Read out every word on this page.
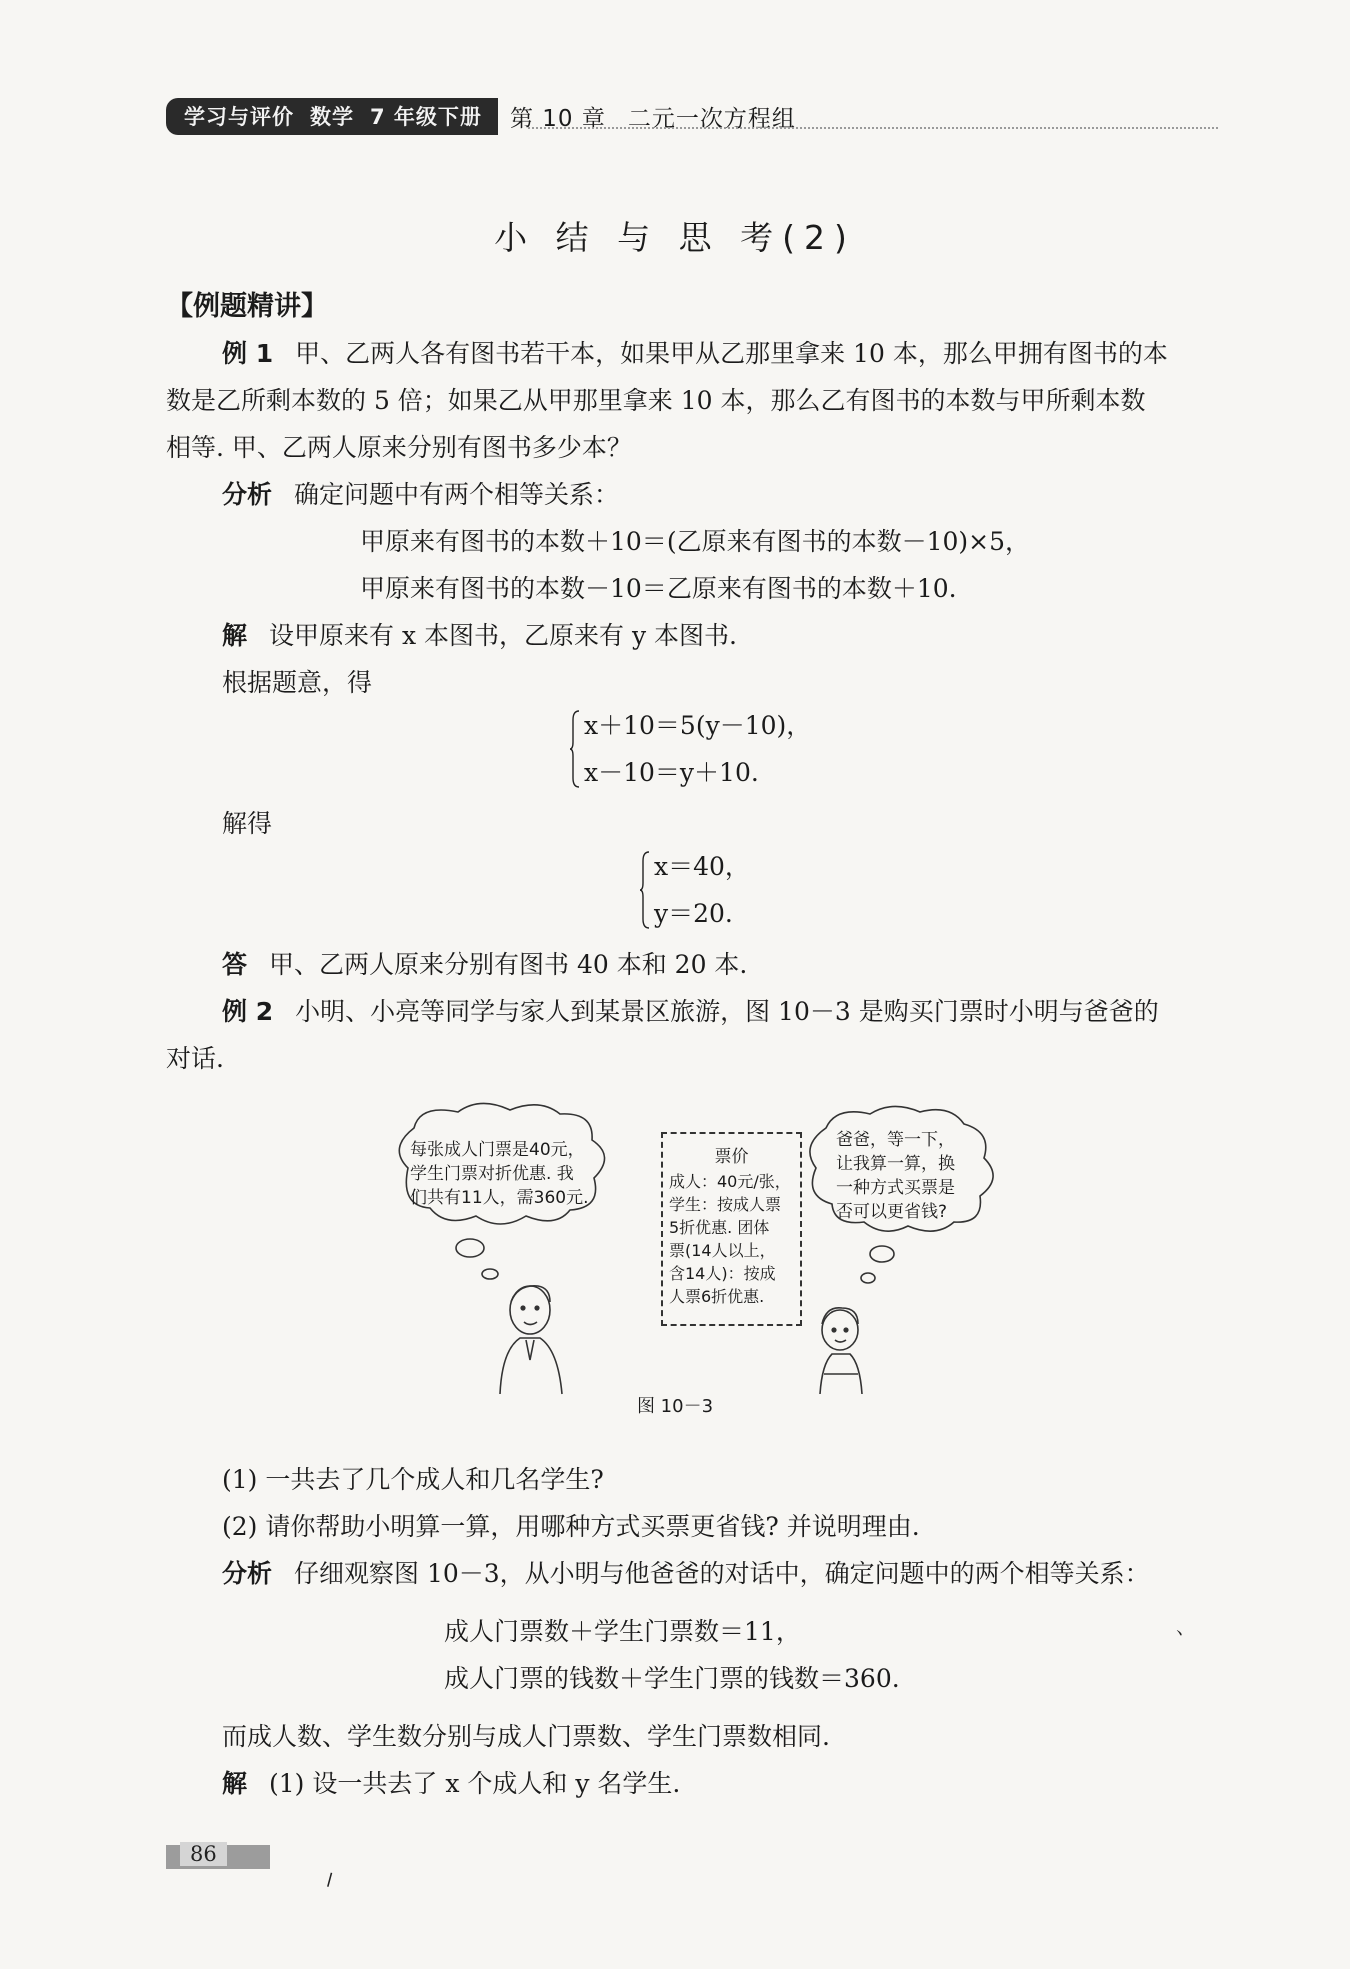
学习与评价 数学 7 年级下册	第 10 章 二元一次方程组
小 结 与 思 考(2)
【例题精讲】
例 1 甲、乙两人各有图书若干本，如果甲从乙那里拿来 10 本，那么甲拥有图书的本
数是乙所剩本数的 5 倍；如果乙从甲那里拿来 10 本，那么乙有图书的本数与甲所剩本数
相等. 甲、乙两人原来分别有图书多少本？
分析 确定问题中有两个相等关系：
甲原来有图书的本数＋10＝(乙原来有图书的本数－10)×5，
甲原来有图书的本数－10＝乙原来有图书的本数＋10.
解 设甲原来有 x 本图书，乙原来有 y 本图书.
根据题意，得
x＋10＝5(y－10)，
x－10＝y＋10.
解得
x＝40，
y＝20.
答 甲、乙两人原来分别有图书 40 本和 20 本.
例 2 小明、小亮等同学与家人到某景区旅游，图 10－3 是购买门票时小明与爸爸的
对话.
每张成人门票是40元，
学生门票对折优惠. 我
们共有11人，需360元.
票价
成人：40元/张，
学生：按成人票
5折优惠. 团体
票(14人以上，
含14人)：按成
人票6折优惠.
爸爸，等一下，
让我算一算，换
一种方式买票是
否可以更省钱?
图 10－3
(1) 一共去了几个成人和几名学生?
(2) 请你帮助小明算一算，用哪种方式买票更省钱? 并说明理由.
分析 仔细观察图 10－3，从小明与他爸爸的对话中，确定问题中的两个相等关系：
成人门票数＋学生门票数＝11，
成人门票的钱数＋学生门票的钱数＝360.
而成人数、学生数分别与成人门票数、学生门票数相同.
解 (1) 设一共去了 x 个成人和 y 名学生.
86
⸝
､
